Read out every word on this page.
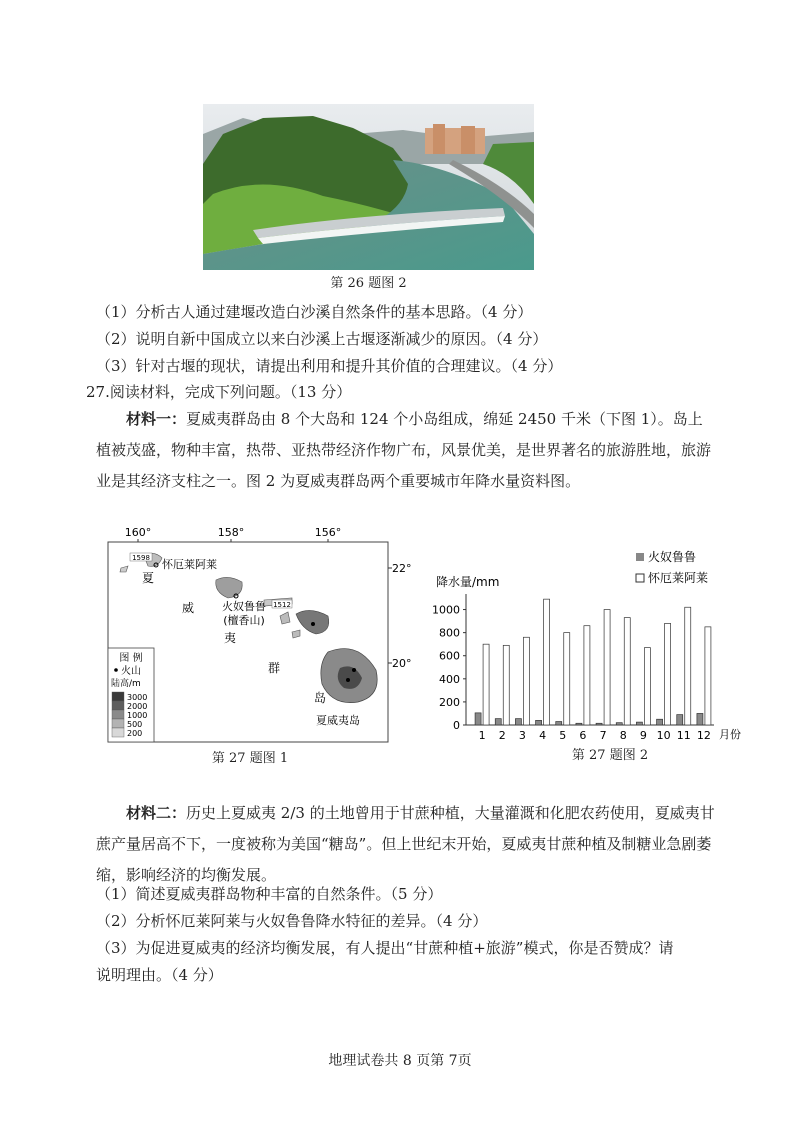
第 26 题图 2
（1）分析古人通过建堰改造白沙溪自然条件的基本思路。（4 分）
（2）说明自新中国成立以来白沙溪上古堰逐渐减少的原因。（4 分）
（3）针对古堰的现状，请提出利用和提升其价值的合理建议。（4 分）
27.阅读材料，完成下列问题。（13 分）
材料一：夏威夷群岛由 8 个大岛和 124 个小岛组成，绵延 2450 千米（下图 1）。岛上植被茂盛，物种丰富，热带、亚热带经济作物广布，风景优美，是世界著名的旅游胜地，旅游业是其经济支柱之一。图 2 为夏威夷群岛两个重要城市年降水量资料图。
160°	158°	156°
22°
20°
1598 怀厄莱阿莱
1512
火奴鲁鲁
(檀香山)
夏威夷岛
夏
威
夷
群
岛
图 例
火山
陆高/m
3000
2000
1000
500
200
第 27 题图 1
降水量/mm
火奴鲁鲁
怀厄莱阿莱
0
200
400
600
800
1000
1 2 3 4 5 6 7 8 9 10 11 12 月份
第 27 题图 2
材料二：历史上夏威夷 2/3 的土地曾用于甘蔗种植，大量灌溉和化肥农药使用，夏威夷甘蔗产量居高不下，一度被称为美国“糖岛”。但上世纪末开始，夏威夷甘蔗种植及制糖业急剧萎缩，影响经济的均衡发展。
（1）简述夏威夷群岛物种丰富的自然条件。（5 分）
（2）分析怀厄莱阿莱与火奴鲁鲁降水特征的差异。（4 分）
（3）为促进夏威夷的经济均衡发展，有人提出“甘蔗种植+旅游”模式，你是否赞成？请
说明理由。（4 分）
地理试卷共 8 页第 7页
